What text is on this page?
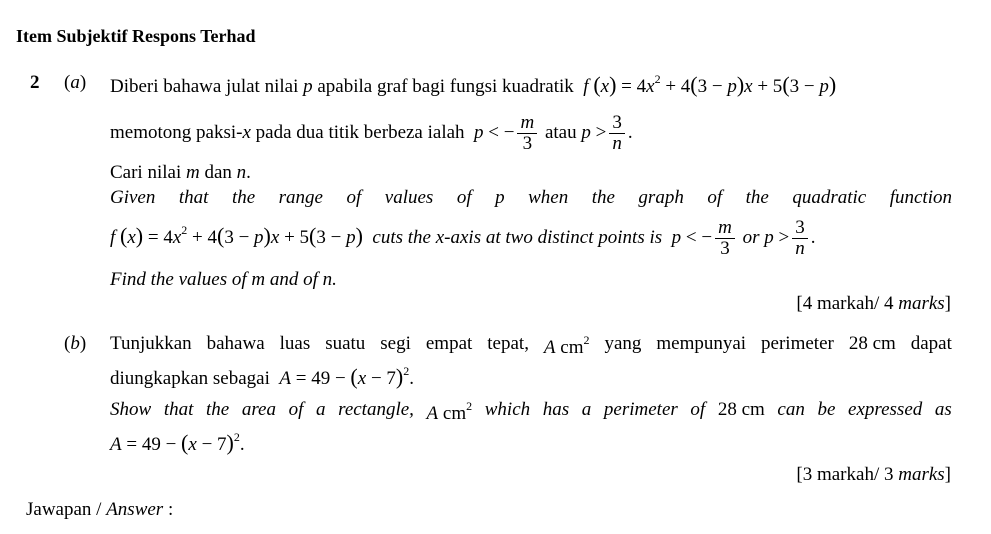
Item Subjektif Respons Terhad
2 (a) Diberi bahawa julat nilai p apabila graf bagi fungsi kuadratik  f $(x) = 4x^2 + 4(3 - p)x + 5(3 - p)$
memotong paksi-x pada dua titik berbeza ialah  p < − $\frac{m}{3}$ atau $p > \frac{3}{n}$ .
Cari nilai m dan n.
Given that the range of values of p when the graph of the quadratic function
f $(x) = 4x^2 + 4(3 - p)x + 5(3 - p)$  cuts the x-axis at two distinct points is p < − $\frac{m}{3}$ or $p > \frac{3}{n}$ .
Find the values of m and of n.
[4 markah/ 4 marks]
(b) Tunjukkan bahawa luas suatu segi empat tepat, A $cm^2$ yang mempunyai perimeter 28 cm dapat
diungkapkan sebagai $A = 49 - (x - 7)^2$.
Show that the area of a rectangle, A $cm^2$ which has a perimeter of 28 cm can be expressed as
$A = 49 - (x - 7)^2$.
[3 markah/ 3 marks]
Jawapan / Answer :
